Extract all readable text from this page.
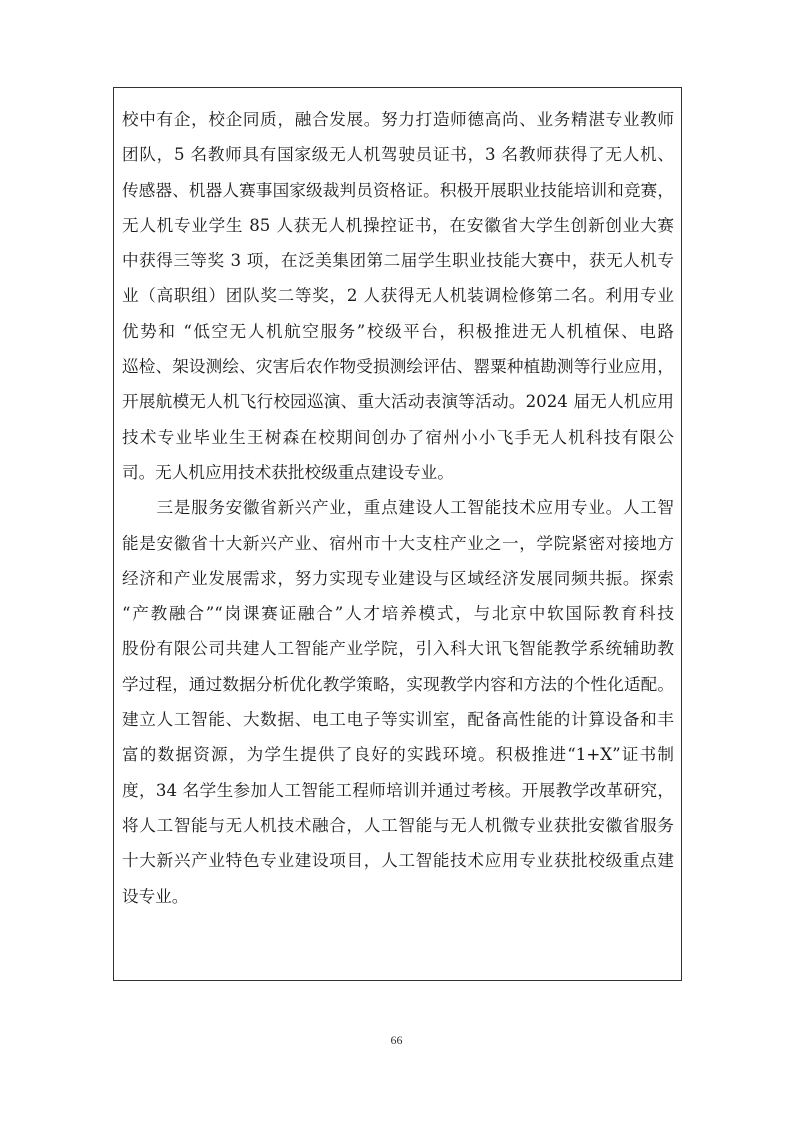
校中有企，校企同质，融合发展。努力打造师德高尚、业务精湛专业教师
团队，5 名教师具有国家级无人机驾驶员证书，3 名教师获得了无人机、
传感器、机器人赛事国家级裁判员资格证。积极开展职业技能培训和竞赛，
无人机专业学生 85 人获无人机操控证书，在安徽省大学生创新创业大赛
中获得三等奖 3 项，在泛美集团第二届学生职业技能大赛中，获无人机专
业（高职组）团队奖二等奖，2 人获得无人机装调检修第二名。利用专业
优势和 “低空无人机航空服务”校级平台，积极推进无人机植保、电路
巡检、架设测绘、灾害后农作物受损测绘评估、罂粟种植勘测等行业应用，
开展航模无人机飞行校园巡演、重大活动表演等活动。2024 届无人机应用
技术专业毕业生王树森在校期间创办了宿州小小飞手无人机科技有限公
司。无人机应用技术获批校级重点建设专业。
　　三是服务安徽省新兴产业，重点建设人工智能技术应用专业。人工智
能是安徽省十大新兴产业、宿州市十大支柱产业之一，学院紧密对接地方
经济和产业发展需求，努力实现专业建设与区域经济发展同频共振。探索
“产教融合”“岗课赛证融合”人才培养模式，与北京中软国际教育科技
股份有限公司共建人工智能产业学院，引入科大讯飞智能教学系统辅助教
学过程，通过数据分析优化教学策略，实现教学内容和方法的个性化适配。
建立人工智能、大数据、电工电子等实训室，配备高性能的计算设备和丰
富的数据资源，为学生提供了良好的实践环境。积极推进“1+X”证书制
度，34 名学生参加人工智能工程师培训并通过考核。开展教学改革研究，
将人工智能与无人机技术融合，人工智能与无人机微专业获批安徽省服务
十大新兴产业特色专业建设项目，人工智能技术应用专业获批校级重点建
设专业。
66
